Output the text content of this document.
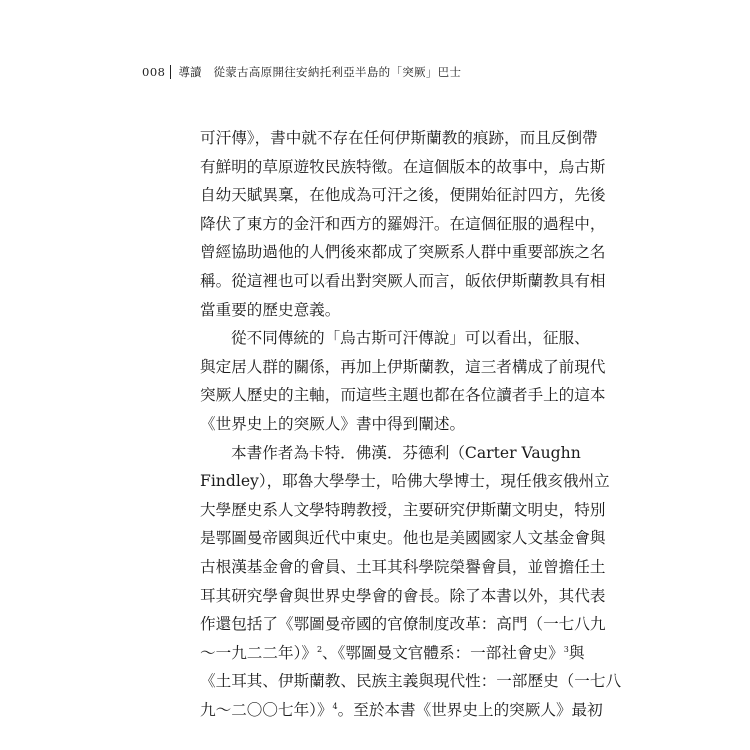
008 導讀 從蒙古高原開往安納托利亞半島的「突厥」巴士
可汗傳》，書中就不存在任何伊斯蘭教的痕跡，而且反倒帶
有鮮明的草原遊牧民族特徵。在這個版本的故事中，烏古斯
自幼天賦異稟，在他成為可汗之後，便開始征討四方，先後
降伏了東方的金汗和西方的羅姆汗。在這個征服的過程中，
曾經協助過他的人們後來都成了突厥系人群中重要部族之名
稱。從這裡也可以看出對突厥人而言，皈依伊斯蘭教具有相
當重要的歷史意義。
從不同傳統的「烏古斯可汗傳說」可以看出，征服、
與定居人群的關係，再加上伊斯蘭教，這三者構成了前現代
突厥人歷史的主軸，而這些主題也都在各位讀者手上的這本
《世界史上的突厥人》書中得到闡述。
本書作者為卡特．佛漢．芬德利（Carter Vaughn
Findley），耶魯大學學士，哈佛大學博士，現任俄亥俄州立
大學歷史系人文學特聘教授，主要研究伊斯蘭文明史，特別
是鄂圖曼帝國與近代中東史。他也是美國國家人文基金會與
古根漢基金會的會員、土耳其科學院榮譽會員，並曾擔任土
耳其研究學會與世界史學會的會長。除了本書以外，其代表
作還包括了《鄂圖曼帝國的官僚制度改革：高門（一七八九
～一九二二年）》$^2$、《鄂圖曼文官體系：一部社會史》$^3$與
《土耳其、伊斯蘭教、民族主義與現代性：一部歷史（一七八
九～二〇〇七年）》$^4$。至於本書《世界史上的突厥人》最初
